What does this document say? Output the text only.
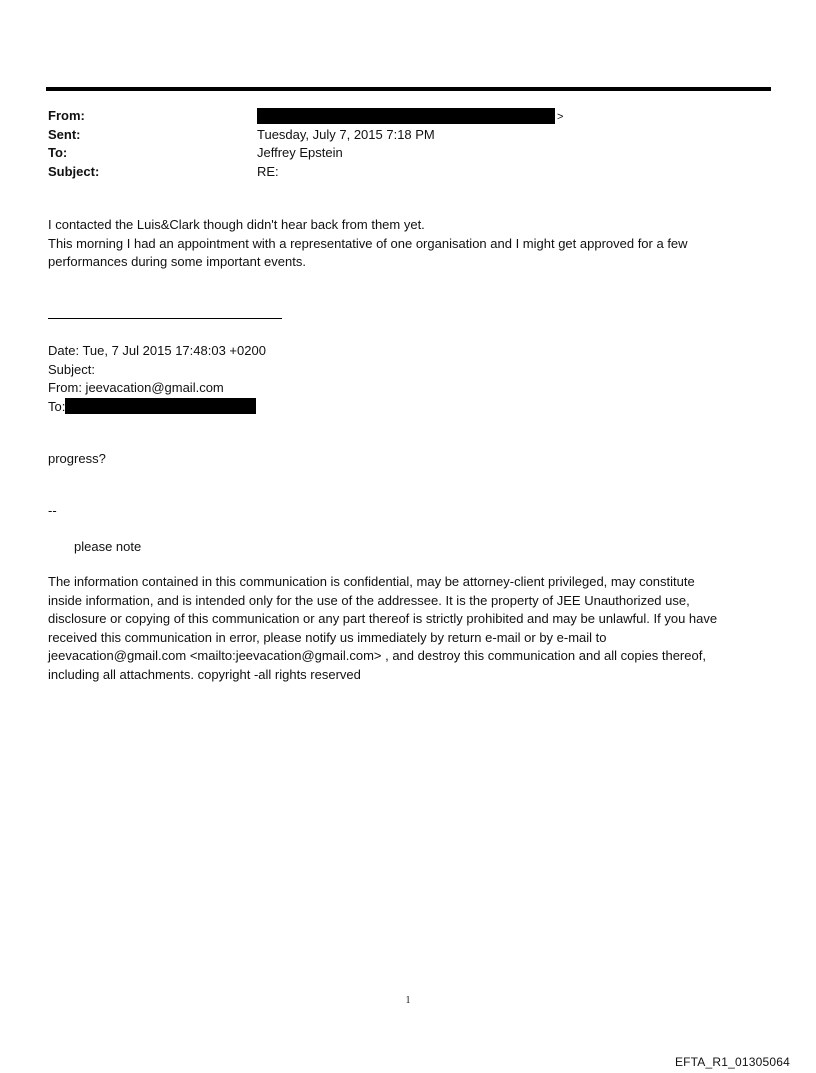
From:	>
Sent:	Tuesday, July 7, 2015 7:18 PM
To:	Jeffrey Epstein
Subject:	RE:

I contacted the Luis&Clark though didn't hear back from them yet.

This morning I had an appointment with a representative of one organisation and I might get approved for a few

performances during some important events.

Date: Tue, 7 Jul 2015 17:48:03 +0200

Subject:

From: jeevacation@gmail.com

To:

progress?
--
please note

The information contained in this communication is confidential, may be attorney-client privileged, may constitute

inside information, and is intended only for the use of the addressee. It is the property of JEE Unauthorized use,

disclosure or copying of this communication or any part thereof is strictly prohibited and may be unlawful. If you have

received this communication in error, please notify us immediately by return e-mail or by e-mail to

jeevacation@gmail.com <mailto:jeevacation@gmail.com> , and destroy this communication and all copies thereof,

including all attachments. copyright -all rights reserved

1
EFTA_R1_01305064
